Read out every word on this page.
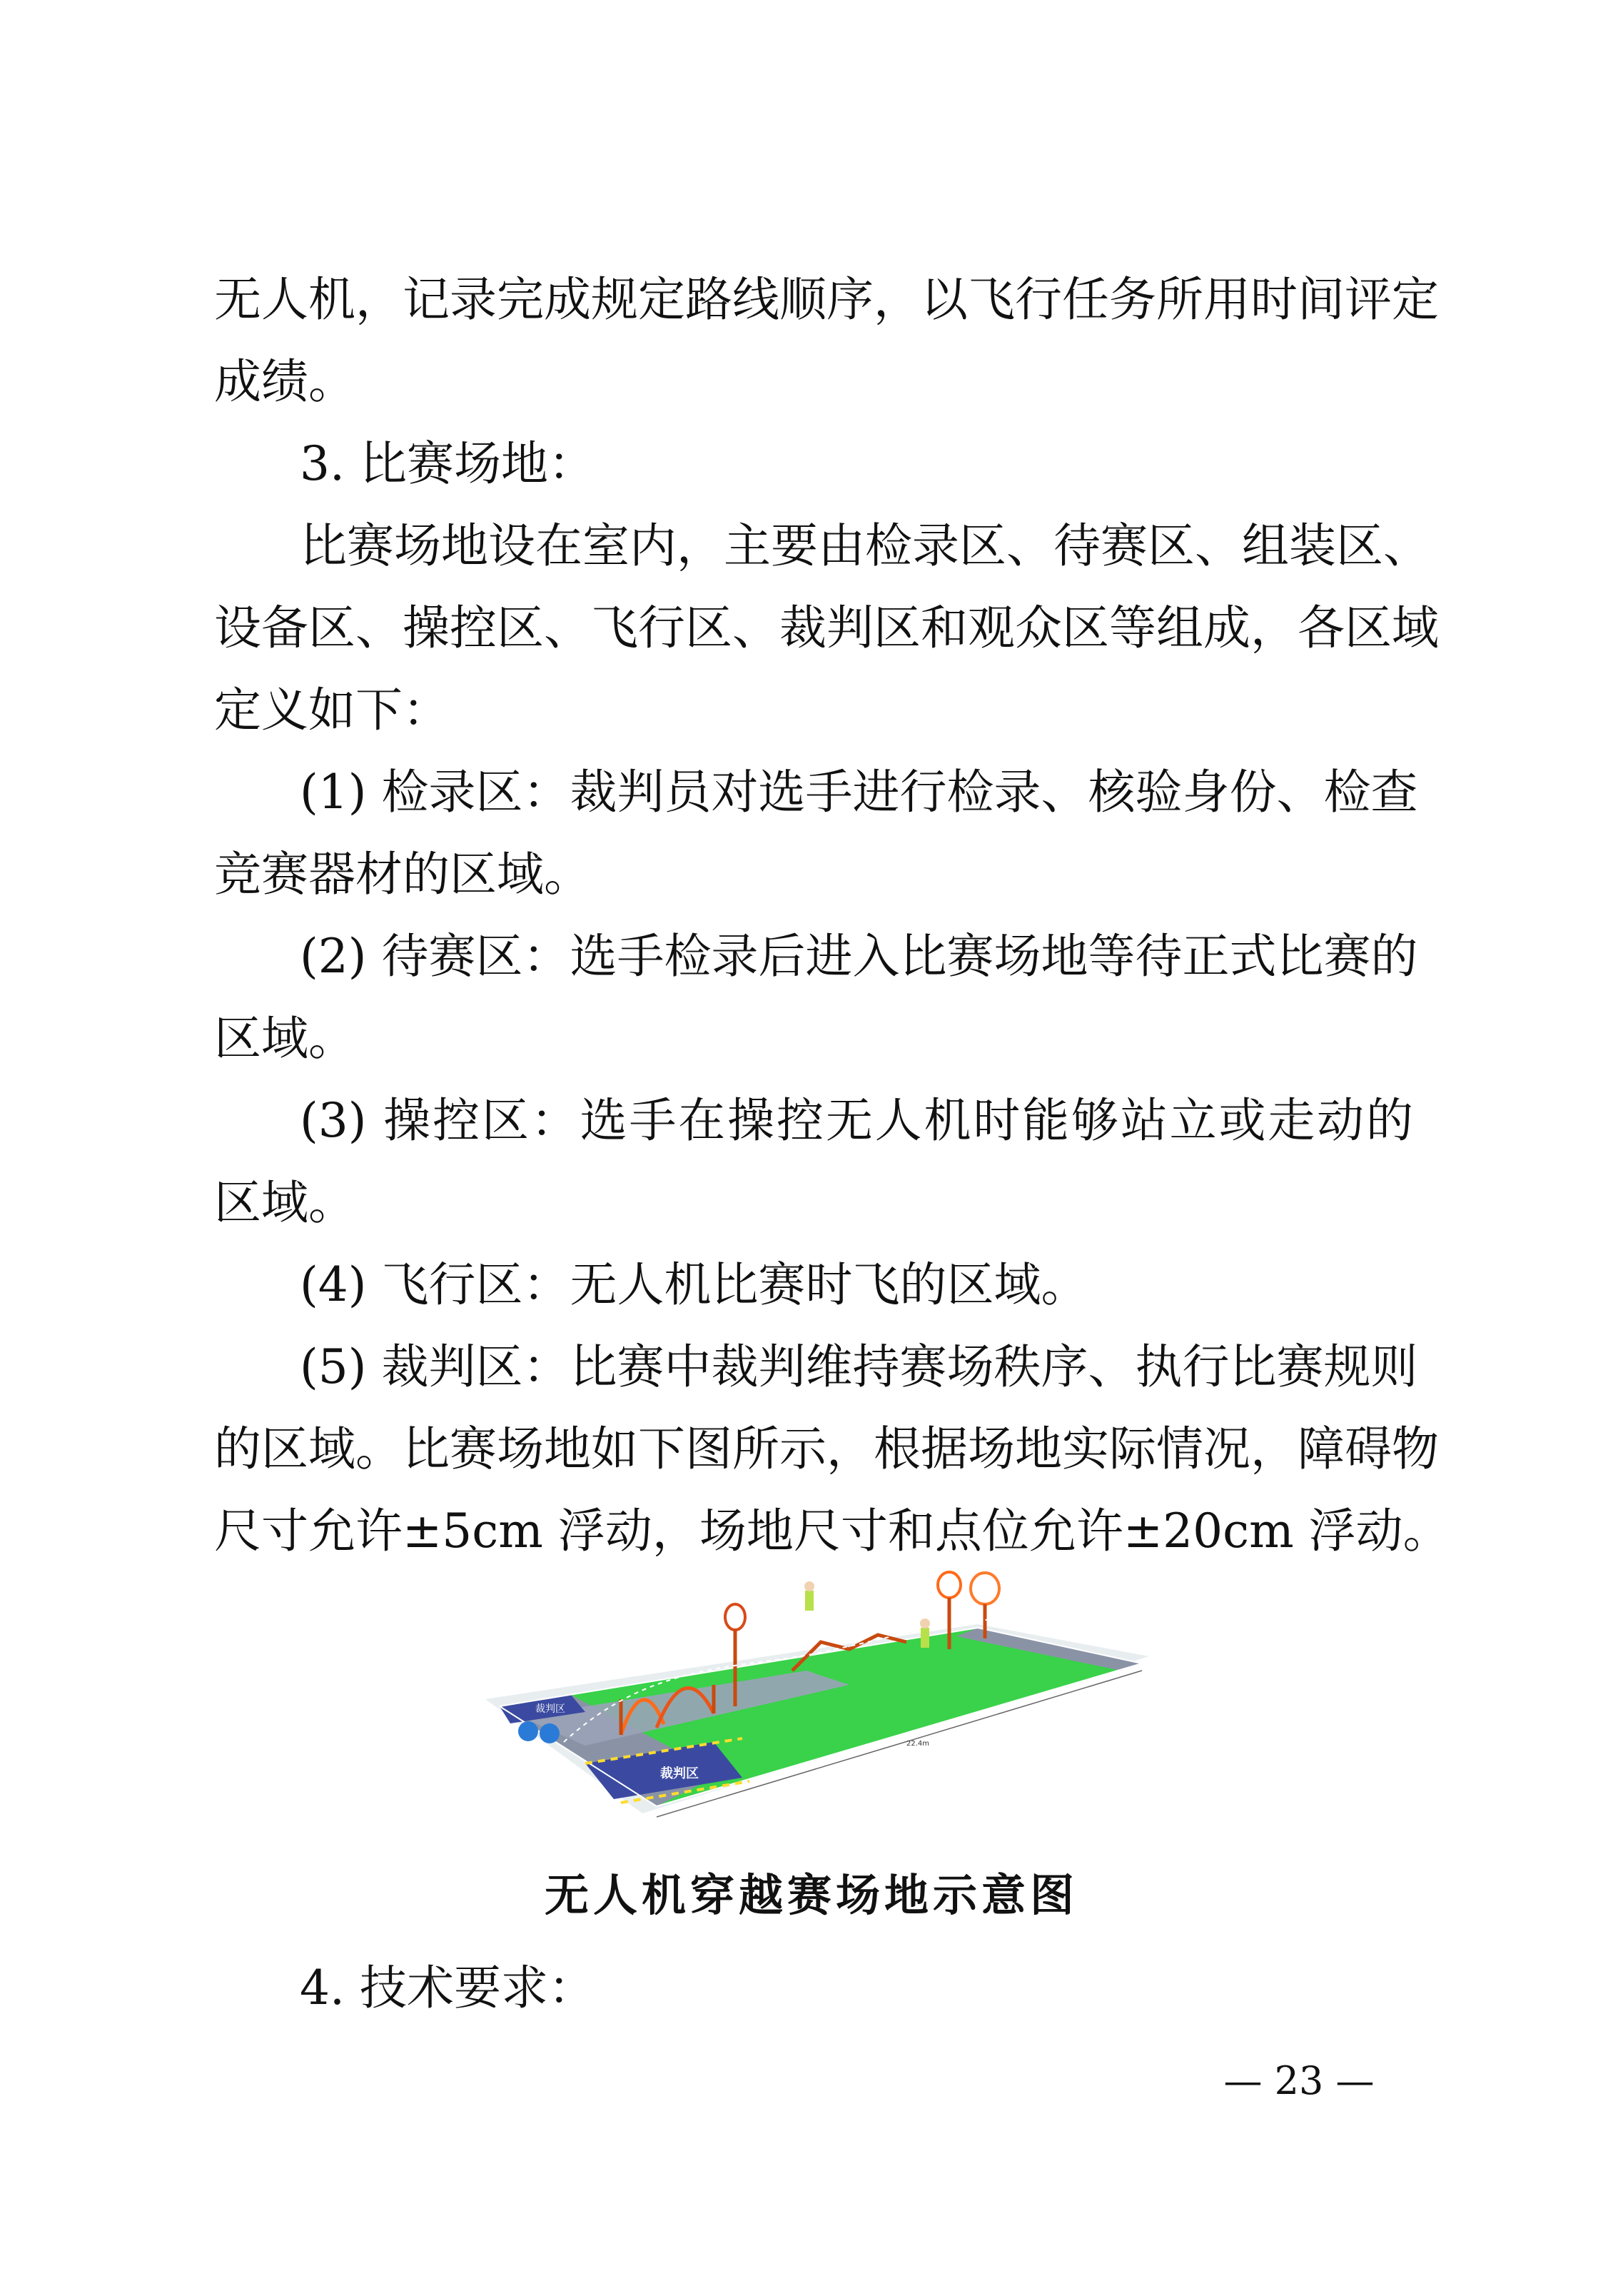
无人机，记录完成规定路线顺序，以飞行任务所用时间评定
成绩。
3. 比赛场地：
比赛场地设在室内，主要由检录区、待赛区、组装区、
设备区、操控区、飞行区、裁判区和观众区等组成，各区域
定义如下：
(1) 检录区：裁判员对选手进行检录、核验身份、检查
竞赛器材的区域。
(2) 待赛区：选手检录后进入比赛场地等待正式比赛的
区域。
(3) 操控区：选手在操控无人机时能够站立或走动的
区域。
(4) 飞行区：无人机比赛时飞的区域。
(5) 裁判区：比赛中裁判维持赛场秩序、执行比赛规则
的区域。比赛场地如下图所示，根据场地实际情况，障碍物
尺寸允许±5cm 浮动，场地尺寸和点位允许±20cm 浮动。
裁判区
裁判区
22.4m
无人机穿越赛场地示意图
4. 技术要求：
— 23 —
